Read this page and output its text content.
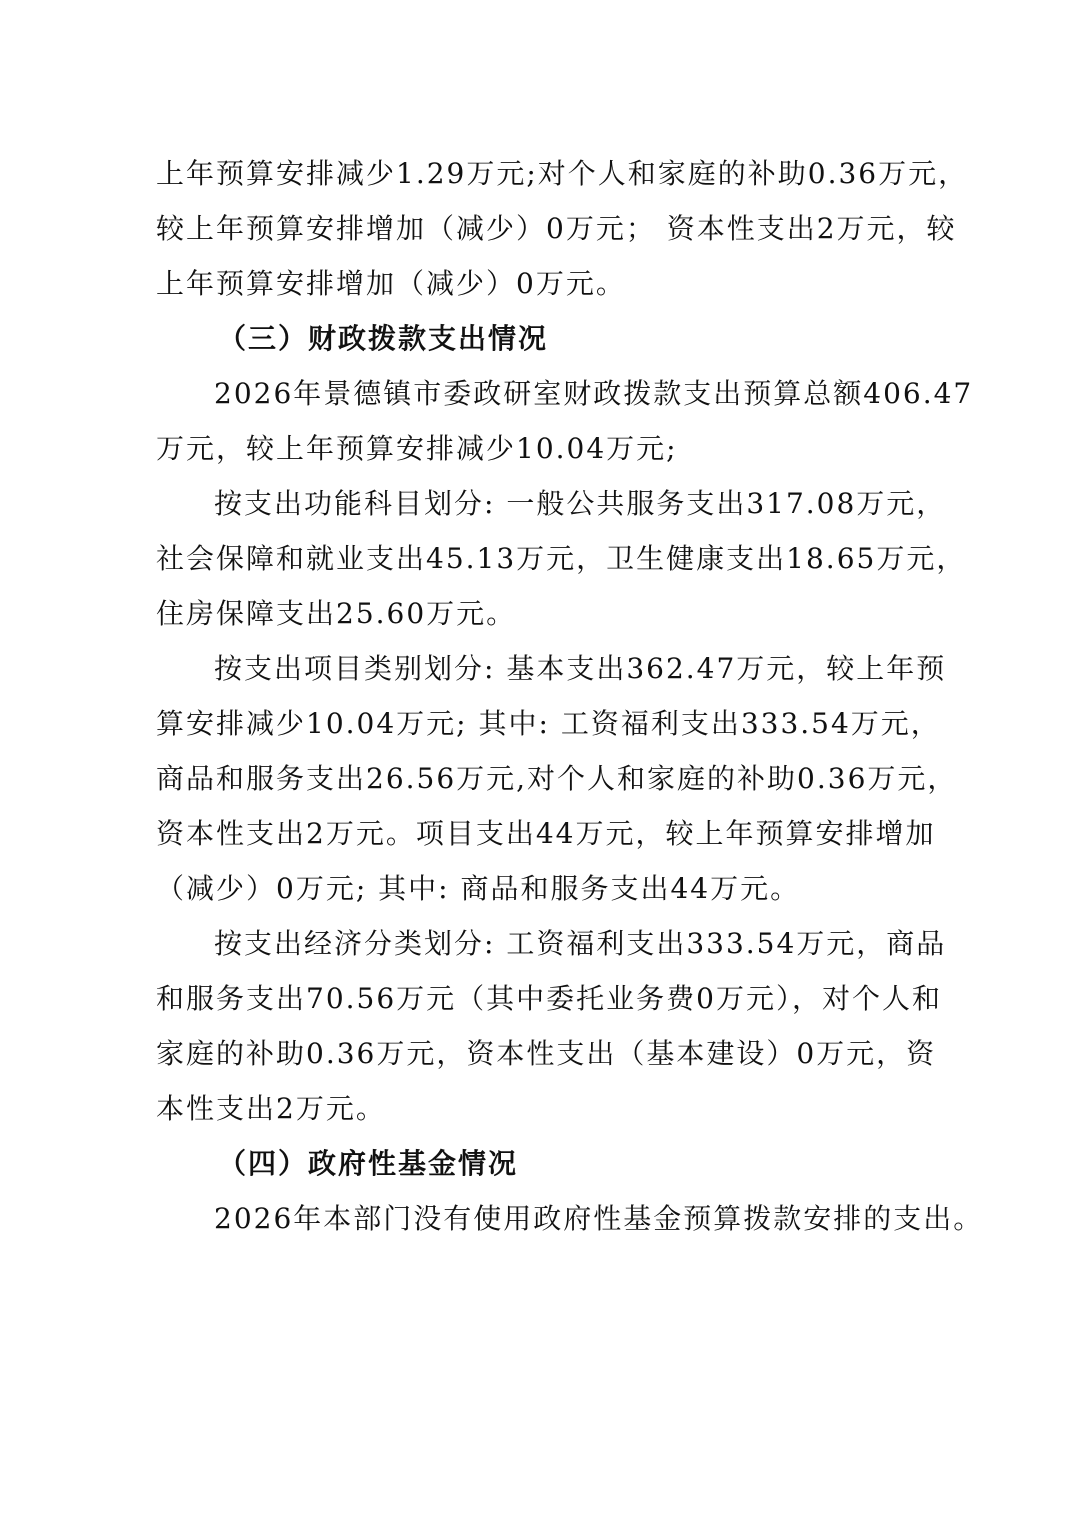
上年预算安排减少1.29万元;对个人和家庭的补助0.36万元，
较上年预算安排增加（减少）0万元； 资本性支出2万元，较
上年预算安排增加（减少）0万元。
（三）财政拨款支出情况
2026年景德镇市委政研室财政拨款支出预算总额406.47
万元，较上年预算安排减少10.04万元;
按支出功能科目划分: 一般公共服务支出317.08万元，
社会保障和就业支出45.13万元，卫生健康支出18.65万元，
住房保障支出25.60万元。
按支出项目类别划分: 基本支出362.47万元，较上年预
算安排减少10.04万元; 其中: 工资福利支出333.54万元，
商品和服务支出26.56万元,对个人和家庭的补助0.36万元，
资本性支出2万元。项目支出44万元，较上年预算安排增加
（减少）0万元; 其中: 商品和服务支出44万元。
按支出经济分类划分: 工资福利支出333.54万元，商品
和服务支出70.56万元（其中委托业务费0万元），对个人和
家庭的补助0.36万元，资本性支出（基本建设）0万元，资
本性支出2万元。
（四）政府性基金情况
2026年本部门没有使用政府性基金预算拨款安排的支出。
